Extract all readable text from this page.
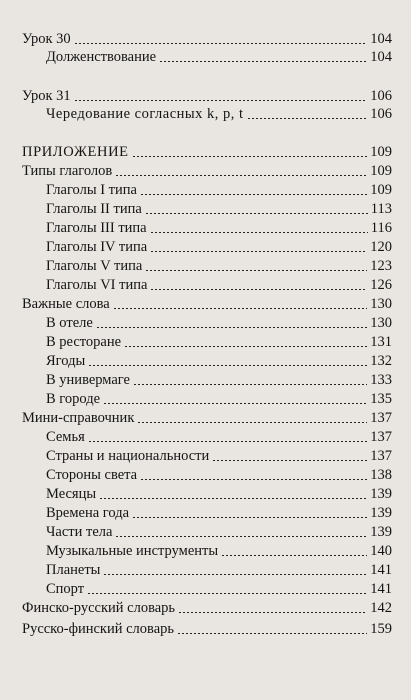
Урок 30	104
Долженствование	104
Урок 31	106
Чередование согласных k, p, t	106
ПРИЛОЖЕНИЕ	109
Типы глаголов	109
Глаголы I типа	109
Глаголы II типа	113
Глаголы III типа	116
Глаголы IV типа	120
Глаголы V типа	123
Глаголы VI типа	126
Важные слова	130
В отеле	130
В ресторане	131
Ягоды	132
В универмаге	133
В городе	135
Мини-справочник	137
Семья	137
Страны и национальности	137
Стороны света	138
Месяцы	139
Времена года	139
Части тела	139
Музыкальные инструменты	140
Планеты	141
Спорт	141
Финско-русский словарь	142
Русско-финский словарь	159
